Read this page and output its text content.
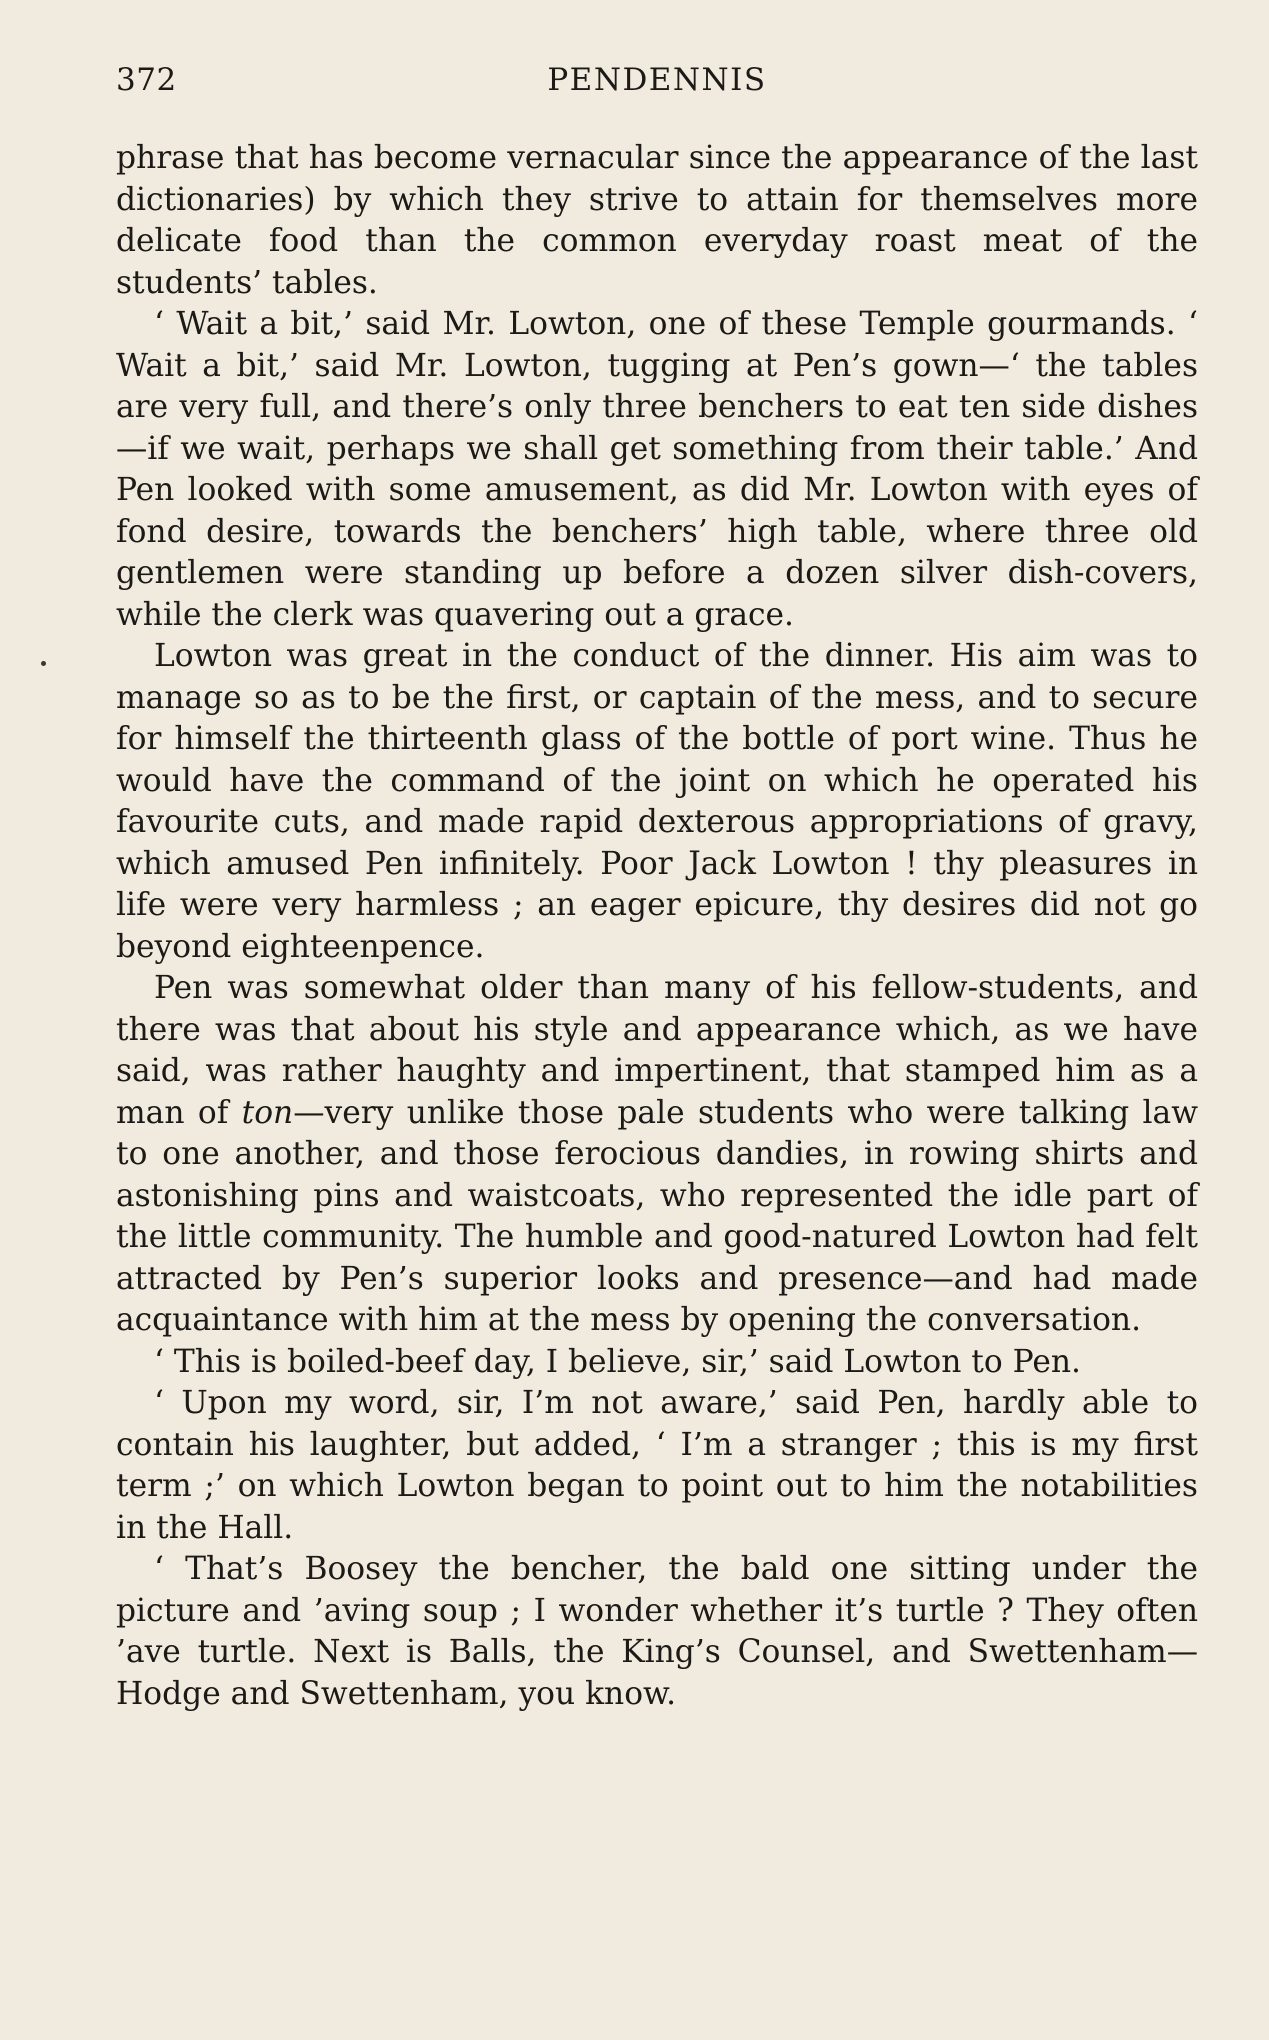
372	PENDENNIS

phrase that has become vernacular since the appearance of the last dictionaries) by which they strive to attain for themselves more delicate food than the common everyday roast meat of the students’ tables.

‘ Wait a bit,’ said Mr. Lowton, one of these Temple gourmands. ‘ Wait a bit,’ said Mr. Lowton, tugging at Pen’s gown—‘ the tables are very full, and there’s only three benchers to eat ten side dishes—if we wait, perhaps we shall get something from their table.’ And Pen looked with some amusement, as did Mr. Lowton with eyes of fond desire, towards the benchers’ high table, where three old gentlemen were standing up before a dozen silver dish-covers, while the clerk was quavering out a grace.

Lowton was great in the conduct of the dinner. His aim was to manage so as to be the first, or captain of the mess, and to secure for himself the thirteenth glass of the bottle of port wine. Thus he would have the command of the joint on which he operated his favourite cuts, and made rapid dexterous appropriations of gravy, which amused Pen infinitely. Poor Jack Lowton ! thy pleasures in life were very harmless ; an eager epicure, thy desires did not go beyond eighteenpence.

Pen was somewhat older than many of his fellow-students, and there was that about his style and appearance which, as we have said, was rather haughty and impertinent, that stamped him as a man of ton—very unlike those pale students who were talking law to one another, and those ferocious dandies, in rowing shirts and astonishing pins and waistcoats, who represented the idle part of the little community. The humble and good-natured Lowton had felt attracted by Pen’s superior looks and presence—and had made acquaintance with him at the mess by opening the conversation.

‘ This is boiled-beef day, I believe, sir,’ said Lowton to Pen.

‘ Upon my word, sir, I’m not aware,’ said Pen, hardly able to contain his laughter, but added, ‘ I’m a stranger ; this is my first term ;’ on which Lowton began to point out to him the notabilities in the Hall.

‘ That’s Boosey the bencher, the bald one sitting under the picture and ’aving soup ; I wonder whether it’s turtle ? They often ’ave turtle. Next is Balls, the King’s Counsel, and Swettenham—Hodge and Swettenham, you know.
